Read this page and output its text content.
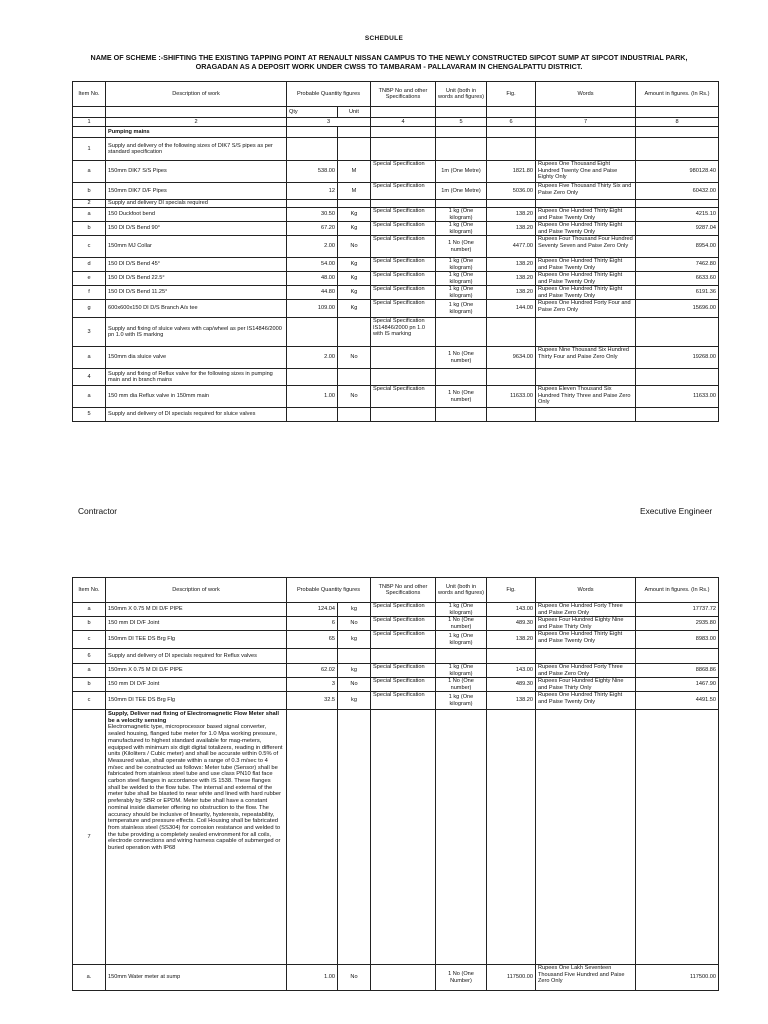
SCHEDULE
NAME OF SCHEME :-SHIFTING THE EXISTING TAPPING POINT AT RENAULT NISSAN CAMPUS TO THE NEWLY CONSTRUCTED SIPCOT SUMP AT SIPCOT INDUSTRIAL PARK, ORAGADAN AS A DEPOSIT WORK UNDER CWSS TO TAMBARAM - PALLAVARAM IN CHENGALPATTU DISTRICT.
Item No.	Description of work	Probable Quantity figures		TNBP No and other Specifications	Unit (both in words and figures)	Fig.	Words	Amount in figures. (In Rs.)
		Qty	Unit					
1	2	3		4	5	6	7	8
	Pumping mains							
1	Supply and delivery of the following sizes of DIK7 S/S pipes as per standard specification							
a	150mm DIK7 S/S Pipes	538.00	M	Special Specification	1m (One Metre)	1821.80	Rupees One Thousand Eight Hundred Twenty One and Paise Eighty Only	980128.40
b	150mm DIK7 D/F Pipes	12	M	Special Specification	1m (One Metre)	5036.00	Rupees Five Thousand Thirty Six and Paise Zero Only	60432.00
2	Supply and delivery DI specials required							
a	150 Duckfoot bend	30.50	Kg	Special Specification	1 kg (One kilogram)	138.20	Rupees One Hundred Thirty Eight and Paise Twenty Only	4215.10
b	150 DI D/S Bend 90°	67.20	Kg	Special Specification	1 kg (One kilogram)	138.20	Rupees One Hundred Thirty Eight and Paise Twenty Only	9287.04
c	150mm MJ Collar	2.00	No	Special Specification	1 No (One number)	4477.00	Rupees Four Thousand Four Hundred Seventy Seven and Paise Zero Only	8954.00
d	150 DI D/S Bend 45°	54.00	Kg	Special Specification	1 kg (One kilogram)	138.20	Rupees One Hundred Thirty Eight and Paise Twenty Only	7462.80
e	150 DI D/S Bend 22.5°	48.00	Kg	Special Specification	1 kg (One kilogram)	138.20	Rupees One Hundred Thirty Eight and Paise Twenty Only	6633.60
f	150 DI D/S Bend 11.25°	44.80	Kg	Special Specification	1 kg (One kilogram)	138.20	Rupees One Hundred Thirty Eight and Paise Twenty Only	6191.36
g	600x600x150 DI D/S Branch A/s tee	109.00	Kg	Special Specification	1 kg (One kilogram)	144.00	Rupees One Hundred Forty Four and Paise Zero Only	15696.00
3	Supply and fixing of sluice valves with cap/wheel as per IS14846/2000 pn 1.0 with IS marking			Special Specification IS14846/2000 pn 1.0 with IS marking				
a	150mm dia sluice valve	2.00	No		1 No (One number)	9634.00	Rupees Nine Thousand Six Hundred Thirty Four and Paise Zero Only	19268.00
4	Supply and fixing of Reflux valve for the following sizes in pumping main and in branch mains							
a	150 mm dia Reflux valve in 150mm main	1.00	No	Special Specification	1 No (One number)	11633.00	Rupees Eleven Thousand Six Hundred Thirty Three and Paise Zero Only	11633.00
5	Supply and delivery of DI specials required for sluice valves							
Contractor	Executive Engineer
Item No.	Description of work	Probable Quantity figures		TNBP No and other Specifications	Unit (both in words and figures)	Fig.	Words	Amount in figures. (In Rs.)
a	150mm X 0.75 M DI D/F PIPE	124.04	kg	Special Specification	1 kg (One kilogram)	143.00	Rupees One Hundred Forty Three and Paise Zero Only	17737.72
b	150 mm DI D/F Joint	6	No	Special Specification	1 No (One number)	489.30	Rupees Four Hundred Eighty Nine and Paise Thirty Only	2935.80
c	150mm DI TEE DS Brg Flg	65	kg	Special Specification	1 kg (One kilogram)	138.20	Rupees One Hundred Thirty Eight and Paise Twenty Only	8983.00
6	Supply and delivery of DI specials required for Reflux valves							
a	150mm X 0.75 M DI D/F PIPE	62.02	kg	Special Specification	1 kg (One kilogram)	143.00	Rupees One Hundred Forty Three and Paise Zero Only	8868.86
b	150 mm DI D/F Joint	3	No	Special Specification	1 No (One number)	489.30	Rupees Four Hundred Eighty Nine and Paise Thirty Only	1467.90
c	150mm DI TEE DS Brg Flg	32.5	kg	Special Specification	1 kg (One kilogram)	138.20	Rupees One Hundred Thirty Eight and Paise Twenty Only	4491.50
7	Supply, Deliver nad fixing of Electromagnetic Flow Meter shall be a velocity sensing
Electromagnetic type, microprocessor based signal converter, sealed housing, flanged tube meter for 1.0 Mpa working pressure, manufactured to highest standard available for mag-meters, equipped with minimum six digit digital totalizers, reading in different units (Kiloliters / Cubic meter) and shall be accurate within 0.5% of Measured value, shall operate within a range of 0.3 m/sec to 4 m/sec and be constructed as follows: Meter tube (Sensor) shall be fabricated from stainless steel tube and use class PN10 flat face carbon steel flanges in accordance with IS 1538. These flanges shall be welded to the flow tube. The internal and external of the meter tube shall be blasted to near white and lined with hard rubber preferably by SBR or EPDM. Meter tube shall have a constant nominal inside diameter offering no obstruction to the flow. The accuracy should be inclusive of linearity, hysteresis, repeatability, temperature and pressure effects. Coil Housing shall be fabricated from stainless steel (SS304) for corrosion resistance and welded to the tube providing a completely sealed environment for all coils, electrode connections and wiring harness capable of submerged or buried operation with IP68							

a.	150mm Water meter at sump	1.00	No		1 No (One Number)	117500.00	Rupees One Lakh Seventeen Thousand Five Hundred and Paise Zero Only	117500.00
